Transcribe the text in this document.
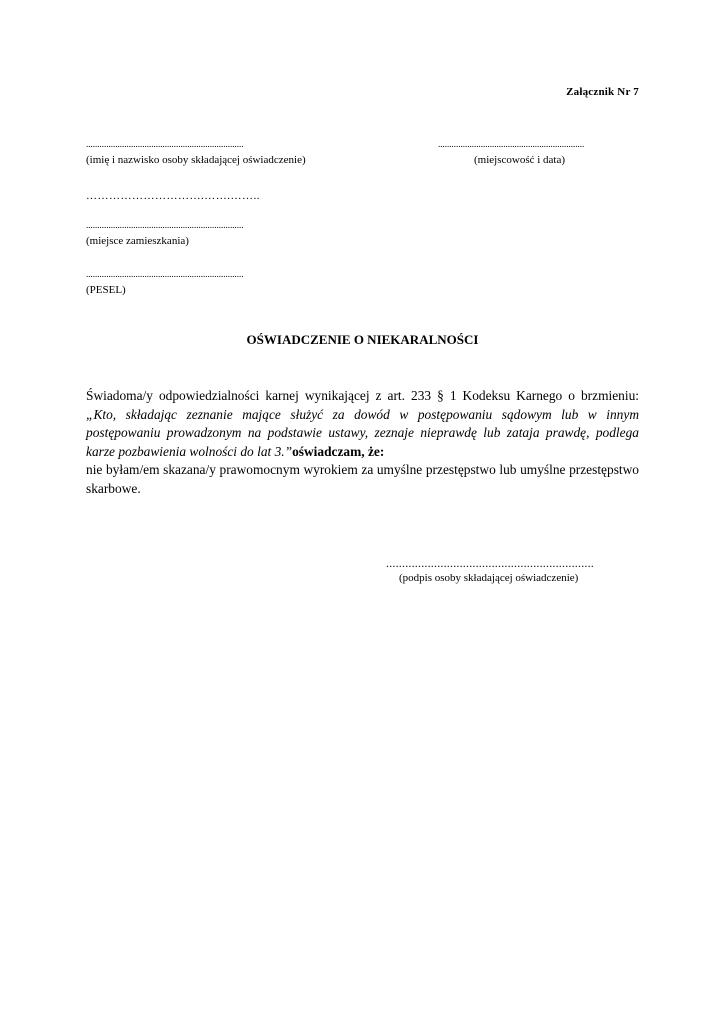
Załącznik Nr 7
......................................................................
(imię i nazwisko osoby składającej oświadczenie)
.................................................................
(miejscowość i data)
………………………….…….……..
......................................................................
(miejsce zamieszkania)
......................................................................
(PESEL)
OŚWIADCZENIE O NIEKARALNOŚCI

Świadoma/y odpowiedzialności karnej wynikającej z art. 233 § 1 Kodeksu Karnego o brzmieniu: „Kto, składając zeznanie mające służyć za dowód w postępowaniu sądowym lub w innym postępowaniu prowadzonym na podstawie ustawy, zeznaje nieprawdę lub zataja prawdę, podlega karze pozbawienia wolności do lat 3.”oświadczam, że:

nie byłam/em skazana/y prawomocnym wyrokiem za umyślne przestępstwo lub umyślne przestępstwo skarbowe.

.................................................................
(podpis osoby składającej oświadczenie)
